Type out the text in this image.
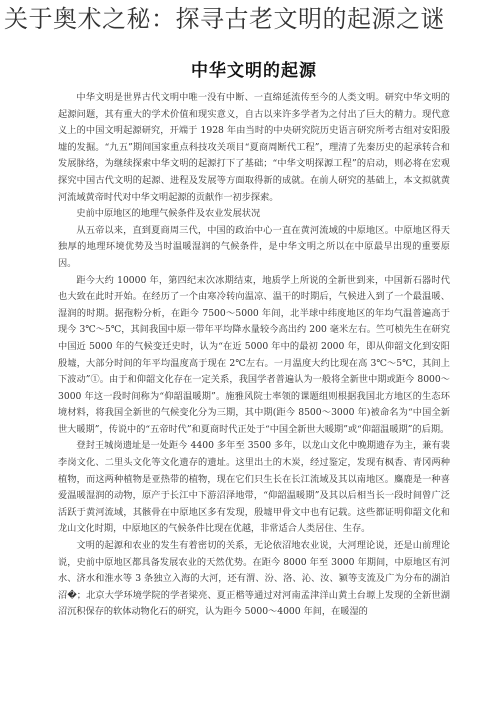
关于奥术之秘：探寻古老文明的起源之谜
中华文明的起源

中华文明是世界古代文明中唯一没有中断、一直绵延流传至今的人类文明。研究中华文明的起源问题，其有重大的学术价值和现实意义，自古以来许多学者为之付出了巨大的精力。现代意义上的中国文明起源研究，开端于 1928 年由当时的中央研究院历史语言研究所考古组对安阳殷墟的发掘。“九五”期间国家重点科技攻关项目“夏商周断代工程”，理清了先秦历史的起承转合和发展脉络，为继续探索中华文明的起源打下了基础；“中华文明探源工程”的启动，则必将在宏观探究中国古代文明的起源、进程及发展等方面取得新的成就。在前人研究的基础上，本文拟就黄河流域黄帝时代对中华文明起源的贡献作一初步探索。

史前中原地区的地理气候条件及农业发展状况

从五帝以来，直到夏商周三代，中国的政治中心一直在黄河流域的中原地区。中原地区得天独厚的地理环境优势及当时温暖湿润的气候条件，是中华文明之所以在中原最早出现的重要原因。

距今大约 10000 年，第四纪末次冰期结束，地质学上所说的全新世到来，中国新石器时代也大致在此时开始。在经历了一个由寒冷转向温凉、温干的时期后，气候进入到了一个最温暖、湿润的时期。据孢粉分析，在距今 7500～5000 年间，北半球中纬度地区的年均气温普遍高于现今 3℃～5℃，其间我国中原一带年平均降水量较今高出约 200 毫米左右。竺可桢先生在研究中国近 5000 年的气候变迁史时，认为“在近 5000 年中的最初 2000 年，即从仰韶文化到安阳殷墟，大部分时间的年平均温度高于现在 2℃左右。一月温度大约比现在高 3℃～5℃，其间上下波动”①。由于和仰韶文化存在一定关系，我国学者普遍认为一般将全新世中期或距今 8000～3000 年这一段时间称为“仰韶温暖期”。施雅风院士率领的课题组则根据我国北方地区的生态环境材料，将我国全新世的气候变化分为三期，其中期(距今 8500～3000 年)被命名为“中国全新世大暖期”，传说中的“五帝时代”和夏商时代正处于“中国全新世大暖期”或“仰韶温暖期”的后期。

登封王城岗遗址是一处距今 4400 多年至 3500 多年，以龙山文化中晚期遗存为主，兼有裴李岗文化、二里头文化等文化遗存的遗址。这里出土的木炭，经过鉴定，发现有枫香、青冈两种植物，而这两种植物是亚热带的植物，现在它们只生长在长江流域及其以南地区。麋鹿是一种喜爱温暖湿润的动物，原产于长江中下游沼泽地带，“仰韶温暖期”及其以后相当长一段时间曾广泛活跃于黄河流域，其骸骨在中原地区多有发现，殷墟甲骨文中也有记载。这些都证明仰韶文化和龙山文化时期，中原地区的气候条件比现在优越，非常适合人类居住、生存。

文明的起源和农业的发生有着密切的关系，无论依沼地农业说，大河理论说，还是山前理论说，史前中原地区都具备发展农业的天然优势。在距今 8000 年至 3000 年期间，中原地区有河水、济水和淮水等 3 条独立入海的大河，还有渭、汾、洛、沁、汝、颍等支流及广为分布的湖泊沼�；北京大学环境学院的学者梁亮、夏正楷等通过对河南孟津洋山黄土台塬上发现的全新世湖沼沉积保存的软体动物化石的研究，认为距今 5000～4000 年间，在暖湿的
